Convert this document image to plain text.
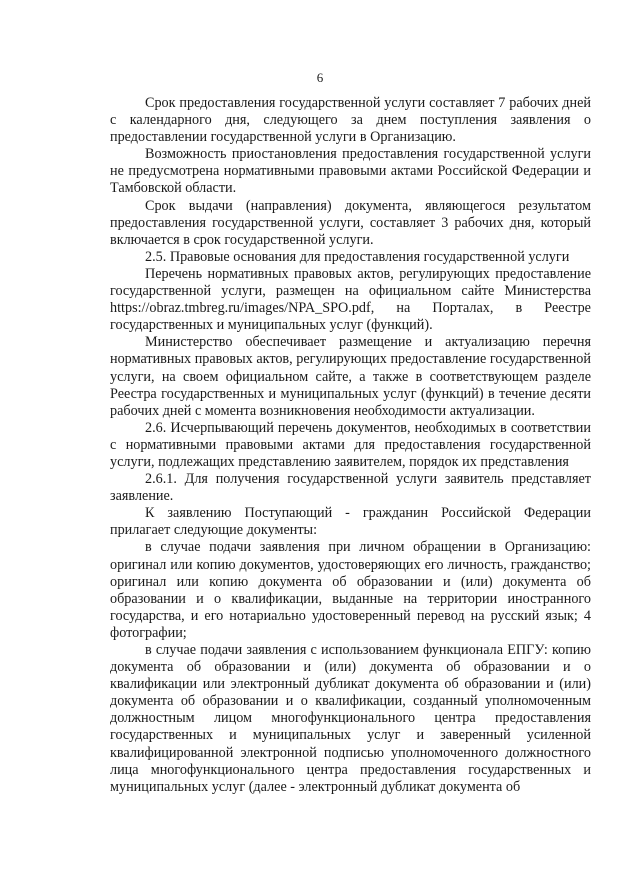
6

Срок предоставления государственной услуги составляет 7 рабочих дней с календарного дня, следующего за днем поступления заявления о предоставлении государственной услуги в Организацию.

Возможность приостановления предоставления государственной услуги не предусмотрена нормативными правовыми актами Российской Федерации и Тамбовской области.

Срок выдачи (направления) документа, являющегося результатом предоставления государственной услуги, составляет 3 рабочих дня, который включается в срок государственной услуги.

2.5. Правовые основания для предоставления государственной услуги

Перечень нормативных правовых актов, регулирующих предоставление государственной услуги, размещен на официальном сайте Министерства https://obraz.tmbreg.ru/images/NPA_SPO.pdf, на Порталах, в Реестре государственных и муниципальных услуг (функций).

Министерство обеспечивает размещение и актуализацию перечня нормативных правовых актов, регулирующих предоставление государственной услуги, на своем официальном сайте, а также в соответствующем разделе Реестра государственных и муниципальных услуг (функций) в течение десяти рабочих дней с момента возникновения необходимости актуализации.

2.6. Исчерпывающий перечень документов, необходимых в соответствии с нормативными правовыми актами для предоставления государственной услуги, подлежащих представлению заявителем, порядок их представления

2.6.1. Для получения государственной услуги заявитель представляет заявление.

К заявлению Поступающий - гражданин Российской Федерации прилагает следующие документы:

в случае подачи заявления при личном обращении в Организацию: оригинал или копию документов, удостоверяющих его личность, гражданство; оригинал или копию документа об образовании и (или) документа об образовании и о квалификации, выданные на территории иностранного государства, и его нотариально удостоверенный перевод на русский язык; 4 фотографии;

в случае подачи заявления с использованием функционала ЕПГУ: копию документа об образовании и (или) документа об образовании и о квалификации или электронный дубликат документа об образовании и (или) документа об образовании и о квалификации, созданный уполномоченным должностным лицом многофункционального центра предоставления государственных и муниципальных услуг и заверенный усиленной квалифицированной электронной подписью уполномоченного должностного лица многофункционального центра предоставления государственных и муниципальных услуг (далее - электронный дубликат документа об
